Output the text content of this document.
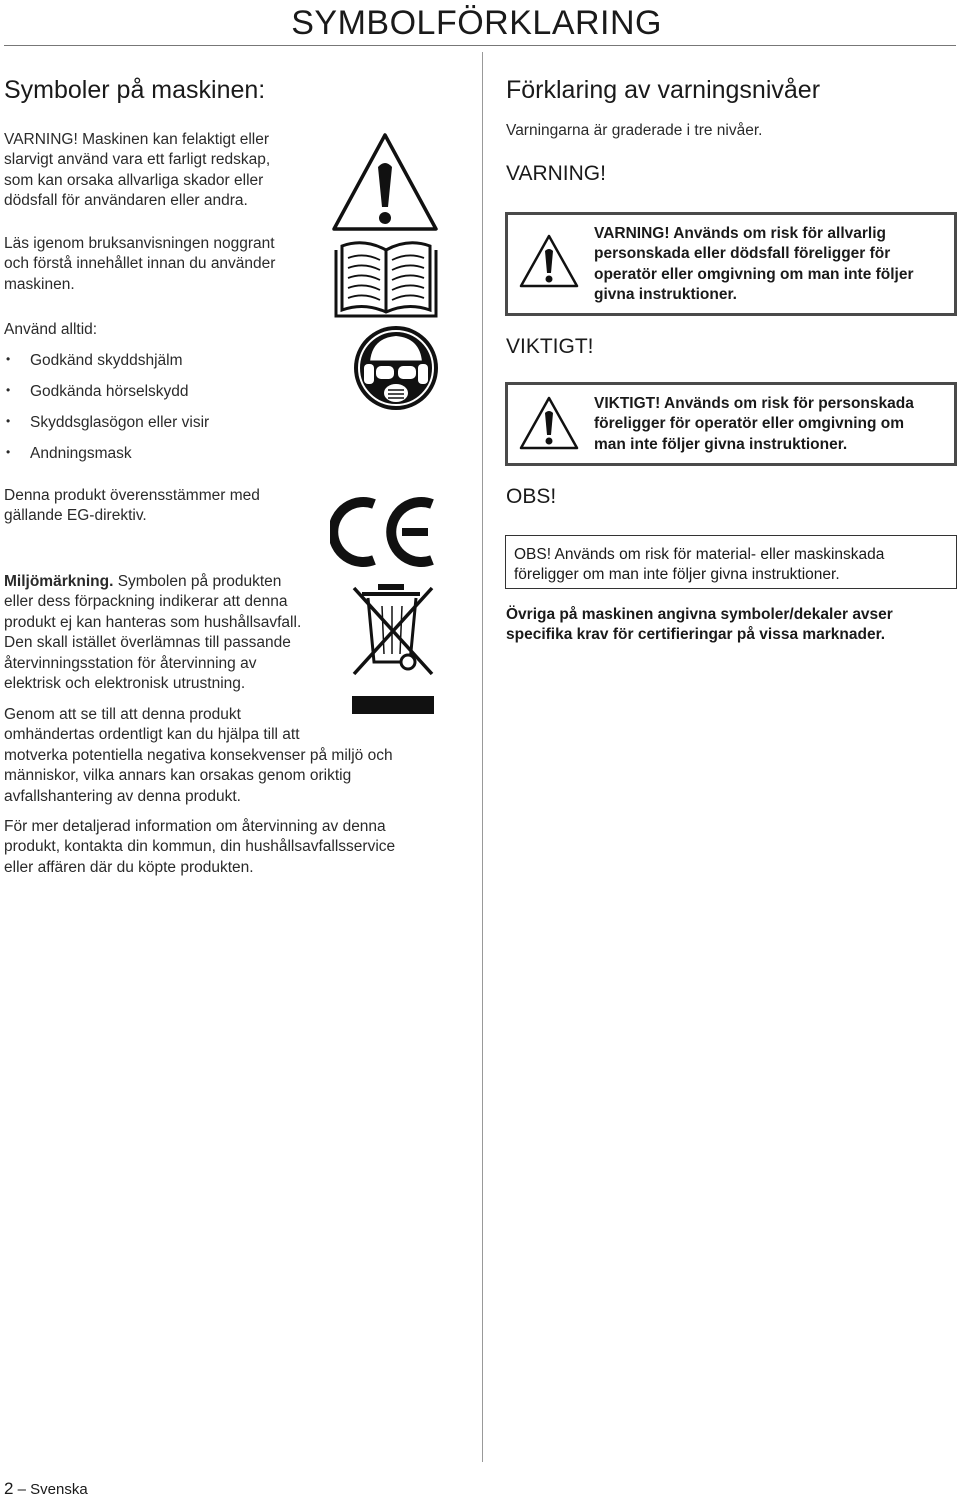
SYMBOLFÖRKLARING
Symboler på maskinen:
VARNING! Maskinen kan felaktigt eller
slarvigt använd vara ett farligt redskap,
som kan orsaka allvarliga skador eller
dödsfall för användaren eller andra.
Läs igenom bruksanvisningen noggrant
och förstå innehållet innan du använder
maskinen.
Använd alltid:
• Godkänd skyddshjälm
• Godkända hörselskydd
• Skyddsglasögon eller visir
• Andningsmask
Denna produkt överensstämmer med
gällande EG-direktiv.
Miljömärkning. Symbolen på produkten
eller dess förpackning indikerar att denna
produkt ej kan hanteras som hushållsavfall.
Den skall istället överlämnas till passande
återvinningsstation för återvinning av
elektrisk och elektronisk utrustning.
Genom att se till att denna produkt
omhändertas ordentligt kan du hjälpa till att
motverka potentiella negativa konsekvenser på miljö och
människor, vilka annars kan orsakas genom oriktig
avfallshantering av denna produkt.
För mer detaljerad information om återvinning av denna
produkt, kontakta din kommun, din hushållsavfallsservice
eller affären där du köpte produkten.
Förklaring av varningsnivåer
Varningarna är graderade i tre nivåer.
VARNING!
VARNING! Används om risk för allvarlig
personskada eller dödsfall föreligger för
operatör eller omgivning om man inte följer
givna instruktioner.
VIKTIGT!
VIKTIGT! Används om risk för personskada
föreligger för operatör eller omgivning om
man inte följer givna instruktioner.
OBS!
OBS! Används om risk för material- eller maskinskada
föreligger om man inte följer givna instruktioner.
Övriga på maskinen angivna symboler/dekaler avser
specifika krav för certifieringar på vissa marknader.
2 – Svenska
